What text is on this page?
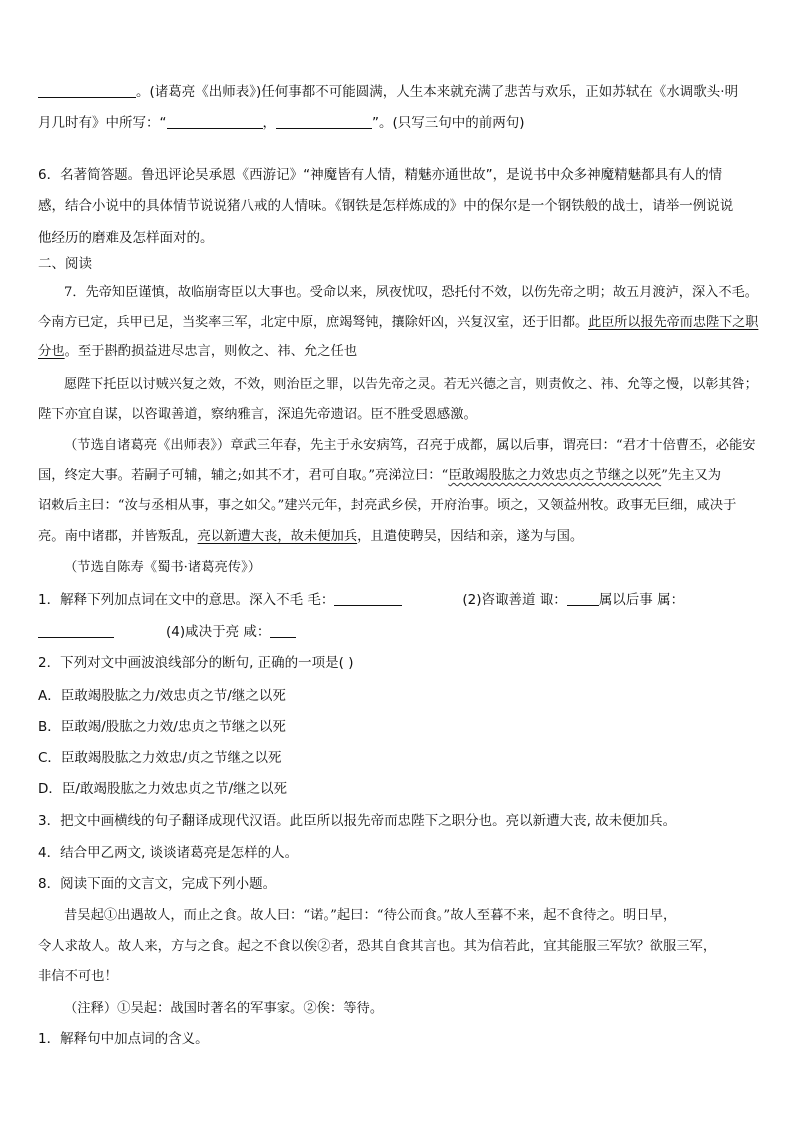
。(诸葛亮《出师表》)任何事都不可能圆满，人生本来就充满了悲苦与欢乐，正如苏轼在《水调歌头·明
月几时有》中所写：“	，	”。(只写三句中的前两句)
6．名著简答题。鲁迅评论吴承恩《西游记》“神魔皆有人情，精魅亦通世故”，是说书中众多神魔精魅都具有人的情
感，结合小说中的具体情节说说猪八戒的人情味。《钢铁是怎样炼成的》中的保尔是一个钢铁般的战士，请举一例说说
他经历的磨难及怎样面对的。
二、阅读
7．先帝知臣谨慎，故临崩寄臣以大事也。受命以来，夙夜忧叹，恐托付不效，以伤先帝之明；故五月渡泸，深入不毛。
今南方已定，兵甲已足，当奖率三军，北定中原，庶竭驽钝，攘除奸凶，兴复汉室，还于旧都。此臣所以报先帝而忠陛下之职
分也。至于斟酌损益进尽忠言，则攸之、祎、允之任也
愿陛下托臣以讨贼兴复之效，不效，则治臣之罪，以告先帝之灵。若无兴德之言，则责攸之、祎、允等之慢，以彰其咎；
陛下亦宜自谋，以咨诹善道，察纳雅言，深追先帝遗诏。臣不胜受恩感激。
（节选自诸葛亮《出师表》）章武三年春，先主于永安病笃，召亮于成都，属以后事，谓亮曰：“君才十倍曹丕，必能安
国，终定大事。若嗣子可辅，辅之;如其不才，君可自取。”亮涕泣曰：“臣敢竭股肱之力效忠贞之节继之以死”先主又为
诏敕后主曰：“汝与丞相从事，事之如父。”建兴元年，封亮武乡侯，开府治事。顷之，又领益州牧。政事无巨细，咸决于
亮。南中诸郡，并皆叛乱，亮以新遭大丧，故未便加兵，且遣使聘吴，因结和亲，遂为与国。
（节选自陈寿《蜀书·诸葛亮传》）
1．解释下列加点词在文中的意思。深入不毛 毛：	(2)咨诹善道 诹： 属以后事 属：
(4)咸决于亮 咸：
2．下列对文中画波浪线部分的断句, 正确的一项是( )
A．臣敢竭股肱之力/效忠贞之节/继之以死
B．臣敢竭/股肱之力效/忠贞之节继之以死
C．臣敢竭股肱之力效忠/贞之节继之以死
D．臣/敢竭股肱之力效忠贞之节/继之以死
3．把文中画横线的句子翻译成现代汉语。此臣所以报先帝而忠陛下之职分也。亮以新遭大丧, 故未便加兵。
4．结合甲乙两文, 谈谈诸葛亮是怎样的人。
8．阅读下面的文言文，完成下列小题。
昔吴起①出遇故人，而止之食。故人曰：“诺。”起曰：“待公而食。”故人至暮不来，起不食待之。明日早，
令人求故人。故人来，方与之食。起之不食以俟②者，恐其自食其言也。其为信若此，宜其能服三军欤？欲服三军，
非信不可也！
（注释）①吴起：战国时著名的军事家。②俟：等待。
1．解释句中加点词的含义。
